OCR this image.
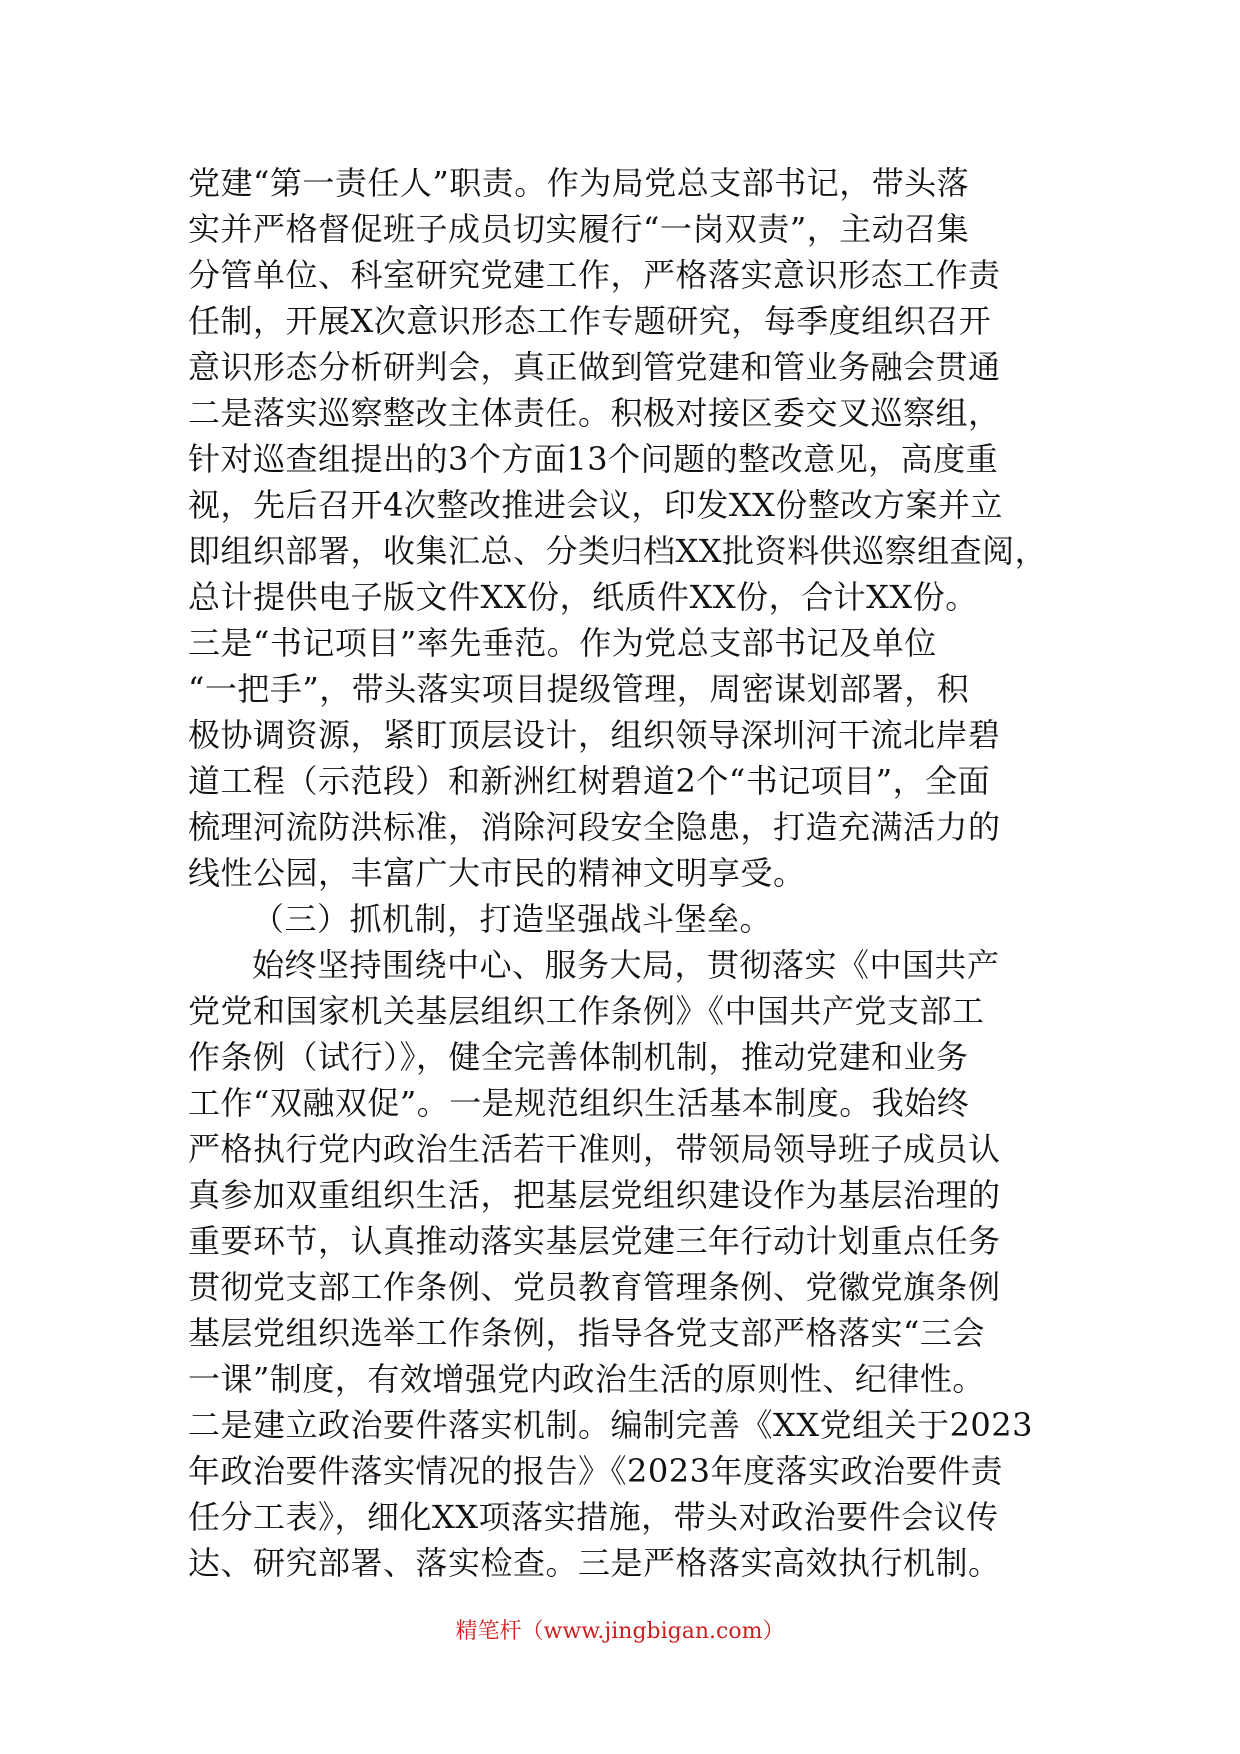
党建“第一责任人”职责。作为局党总支部书记，带头落
实并严格督促班子成员切实履行“一岗双责”，主动召集
分管单位、科室研究党建工作，严格落实意识形态工作责
任制，开展X次意识形态工作专题研究，每季度组织召开
意识形态分析研判会，真正做到管党建和管业务融会贯通
二是落实巡察整改主体责任。积极对接区委交叉巡察组，
针对巡查组提出的3个方面13个问题的整改意见，高度重
视，先后召开4次整改推进会议，印发XX份整改方案并立
即组织部署，收集汇总、分类归档XX批资料供巡察组查阅，
总计提供电子版文件XX份，纸质件XX份，合计XX份。
三是“书记项目”率先垂范。作为党总支部书记及单位
“一把手”，带头落实项目提级管理，周密谋划部署，积
极协调资源，紧盯顶层设计，组织领导深圳河干流北岸碧
道工程（示范段）和新洲红树碧道2个“书记项目”，全面
梳理河流防洪标准，消除河段安全隐患，打造充满活力的
线性公园，丰富广大市民的精神文明享受。
（三）抓机制，打造坚强战斗堡垒。
始终坚持围绕中心、服务大局，贯彻落实《中国共产
党党和国家机关基层组织工作条例》《中国共产党支部工
作条例（试行）》，健全完善体制机制，推动党建和业务
工作“双融双促”。一是规范组织生活基本制度。我始终
严格执行党内政治生活若干准则，带领局领导班子成员认
真参加双重组织生活，把基层党组织建设作为基层治理的
重要环节，认真推动落实基层党建三年行动计划重点任务
贯彻党支部工作条例、党员教育管理条例、党徽党旗条例
基层党组织选举工作条例，指导各党支部严格落实“三会
一课”制度，有效增强党内政治生活的原则性、纪律性。
二是建立政治要件落实机制。编制完善《XX党组关于2023
年政治要件落实情况的报告》《2023年度落实政治要件责
任分工表》，细化XX项落实措施，带头对政治要件会议传
达、研究部署、落实检查。三是严格落实高效执行机制。
精笔杆（www.jingbigan.com）
